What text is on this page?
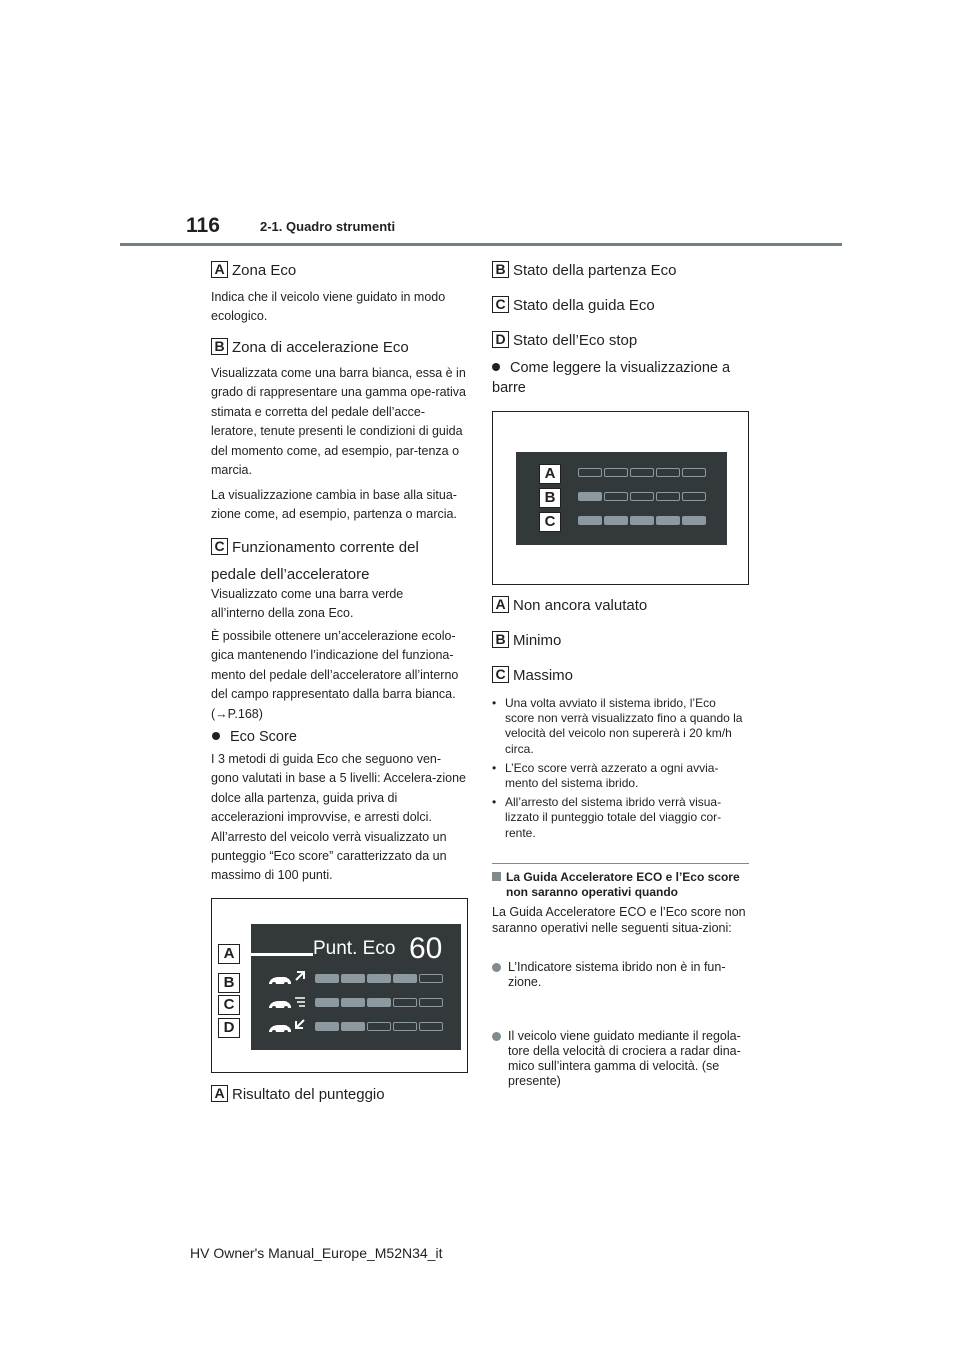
116	2-1. Quadro strumenti
A Zona Eco
Indica che il veicolo viene guidato in modo ecologico.
B Zona di accelerazione Eco
Visualizzata come una barra bianca, essa è in grado di rappresentare una gamma ope-rativa stimata e corretta del pedale dell’acce-leratore, tenute presenti le condizioni di guida del momento come, ad esempio, par-tenza o marcia.
La visualizzazione cambia in base alla situa-zione come, ad esempio, partenza o marcia.
C Funzionamento corrente del pedale dell’acceleratore
Visualizzato come una barra verde all’interno della zona Eco.
È possibile ottenere un’accelerazione ecolo-gica mantenendo l’indicazione del funziona-mento del pedale dell’acceleratore all’interno del campo rappresentato dalla barra bianca. (→P.168)
Eco Score
I 3 metodi di guida Eco che seguono ven-gono valutati in base a 5 livelli: Accelera-zione dolce alla partenza, guida priva di accelerazioni improvvise, e arresti dolci. All’arresto del veicolo verrà visualizzato un punteggio “Eco score” caratterizzato da un massimo di 100 punti.
Punt. Eco 60
A
B
C
D
A Risultato del punteggio
B Stato della partenza Eco
C Stato della guida Eco
D Stato dell’Eco stop
Come leggere la visualizzazione a barre
A
B
C
A Non ancora valutato
B Minimo
C Massimo
• Una volta avviato il sistema ibrido, l’Eco score non verrà visualizzato fino a quando la velocità del veicolo non supererà i 20 km/h circa.
• L’Eco score verrà azzerato a ogni avvia-mento del sistema ibrido.
• All’arresto del sistema ibrido verrà visua-lizzato il punteggio totale del viaggio cor-rente.
La Guida Acceleratore ECO e l’Eco score non saranno operativi quando
La Guida Acceleratore ECO e l’Eco score non saranno operativi nelle seguenti situa-zioni:
L’Indicatore sistema ibrido non è in fun-zione.
Il veicolo viene guidato mediante il regola-tore della velocità di crociera a radar dina-mico sull’intera gamma di velocità. (se presente)
HV Owner's Manual_Europe_M52N34_it
